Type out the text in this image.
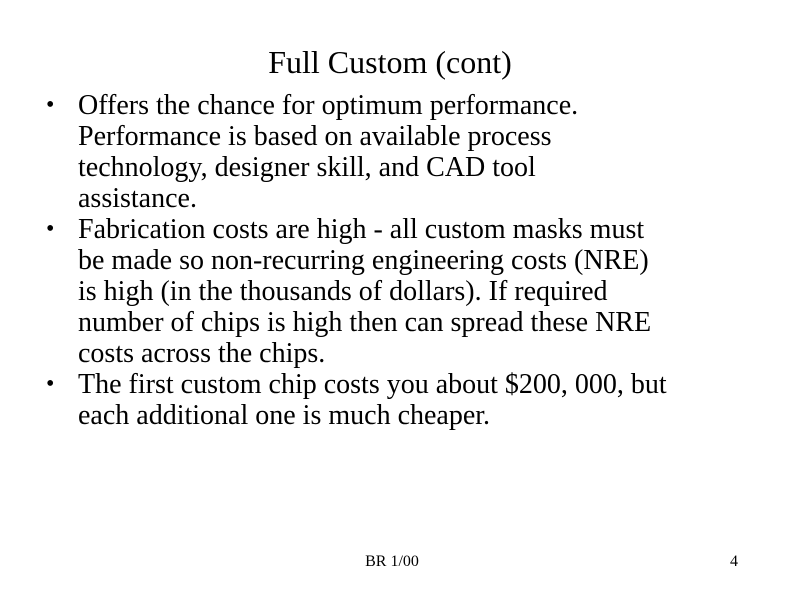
Full Custom (cont)
• Offers the chance for optimum performance.
Performance is based on available process
technology, designer skill, and CAD tool
assistance.
• Fabrication costs are high - all custom masks must
be made so non-recurring engineering costs (NRE)
is high (in the thousands of dollars). If required
number of chips is high then can spread these NRE
costs across the chips.
• The first custom chip costs you about $200, 000, but
each additional one is much cheaper.
BR 1/00	4
